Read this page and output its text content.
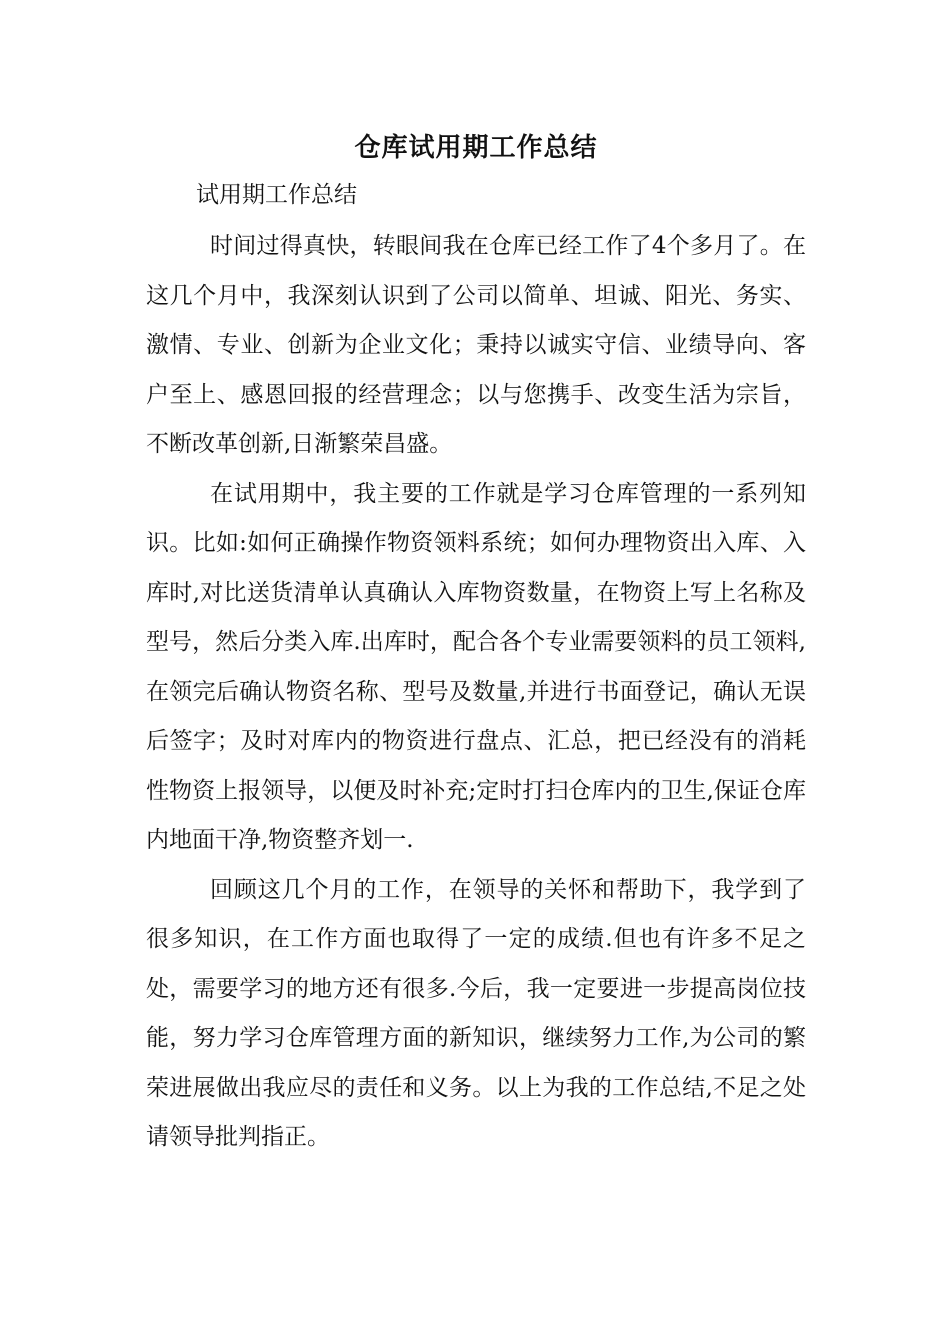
仓库试用期工作总结
试用期工作总结

时间过得真快，转眼间我在仓库已经工作了4个多月了。在这几个月中，我深刻认识到了公司以简单、坦诚、阳光、务实、激情、专业、创新为企业文化；秉持以诚实守信、业绩导向、客户至上、感恩回报的经营理念；以与您携手、改变生活为宗旨，不断改革创新,日渐繁荣昌盛。

在试用期中，我主要的工作就是学习仓库管理的一系列知识。比如:如何正确操作物资领料系统；如何办理物资出入库、入库时,对比送货清单认真确认入库物资数量，在物资上写上名称及型号，然后分类入库.出库时，配合各个专业需要领料的员工领料,在领完后确认物资名称、型号及数量,并进行书面登记，确认无误后签字；及时对库内的物资进行盘点、汇总，把已经没有的消耗性物资上报领导，以便及时补充;定时打扫仓库内的卫生,保证仓库内地面干净,物资整齐划一.

回顾这几个月的工作，在领导的关怀和帮助下，我学到了很多知识，在工作方面也取得了一定的成绩.但也有许多不足之处，需要学习的地方还有很多.今后，我一定要进一步提高岗位技能，努力学习仓库管理方面的新知识，继续努力工作,为公司的繁荣进展做出我应尽的责任和义务。以上为我的工作总结,不足之处请领导批判指正。
